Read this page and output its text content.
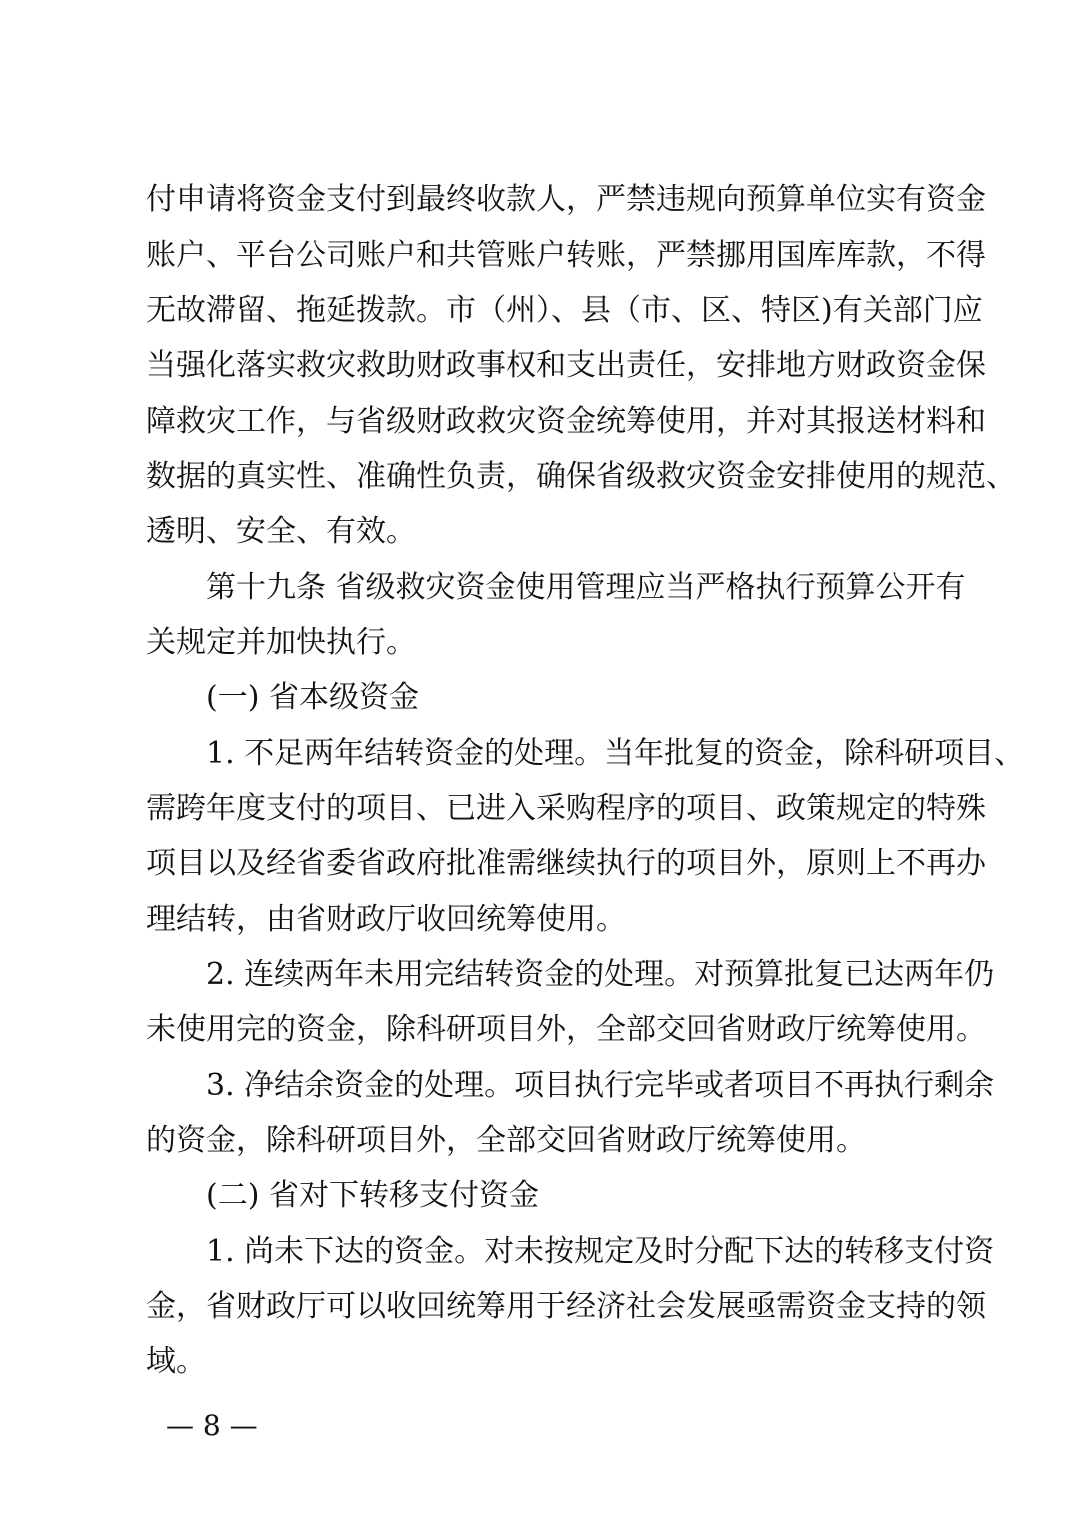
付申请将资金支付到最终收款人，严禁违规向预算单位实有资金
账户、平台公司账户和共管账户转账，严禁挪用国库库款，不得
无故滞留、拖延拨款。市（州）、县（市、区、特区)有关部门应
当强化落实救灾救助财政事权和支出责任，安排地方财政资金保
障救灾工作，与省级财政救灾资金统筹使用，并对其报送材料和
数据的真实性、准确性负责，确保省级救灾资金安排使用的规范、
透明、安全、有效。
第十九条 省级救灾资金使用管理应当严格执行预算公开有
关规定并加快执行。
(一) 省本级资金
1. 不足两年结转资金的处理。当年批复的资金，除科研项目、
需跨年度支付的项目、已进入采购程序的项目、政策规定的特殊
项目以及经省委省政府批准需继续执行的项目外，原则上不再办
理结转，由省财政厅收回统筹使用。
2. 连续两年未用完结转资金的处理。对预算批复已达两年仍
未使用完的资金，除科研项目外，全部交回省财政厅统筹使用。
3. 净结余资金的处理。项目执行完毕或者项目不再执行剩余
的资金，除科研项目外，全部交回省财政厅统筹使用。
(二) 省对下转移支付资金
1. 尚未下达的资金。对未按规定及时分配下达的转移支付资
金，省财政厅可以收回统筹用于经济社会发展亟需资金支持的领
域。
— 8 —
